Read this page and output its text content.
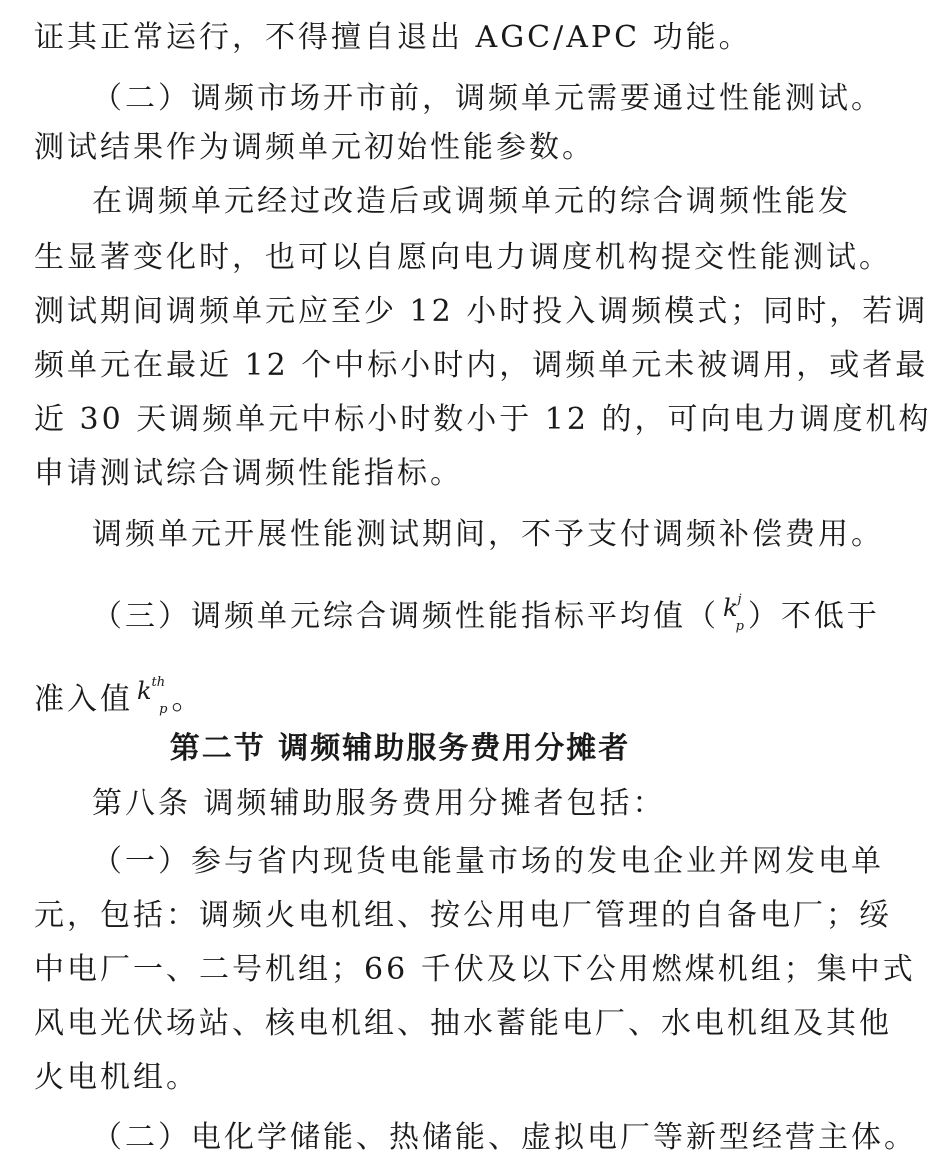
证其正常运行，不得擅自退出 AGC/APC 功能。
（二）调频市场开市前，调频单元需要通过性能测试。
测试结果作为调频单元初始性能参数。
在调频单元经过改造后或调频单元的综合调频性能发
生显著变化时，也可以自愿向电力调度机构提交性能测试。
测试期间调频单元应至少 12 小时投入调频模式；同时，若调
频单元在最近 12 个中标小时内，调频单元未被调用，或者最
近 30 天调频单元中标小时数小于 12 的，可向电力调度机构
申请测试综合调频性能指标。
调频单元开展性能测试期间，不予支付调频补偿费用。
（三）调频单元综合调频性能指标平均值（ $k^j_p$ ）不低于
准入值 $k^{th}_p$ 。
第二节 调频辅助服务费用分摊者
第八条 调频辅助服务费用分摊者包括：
（一）参与省内现货电能量市场的发电企业并网发电单
元，包括：调频火电机组、按公用电厂管理的自备电厂；绥
中电厂一、二号机组；66 千伏及以下公用燃煤机组；集中式
风电光伏场站、核电机组、抽水蓄能电厂、水电机组及其他
火电机组。
（二）电化学储能、热储能、虚拟电厂等新型经营主体。
